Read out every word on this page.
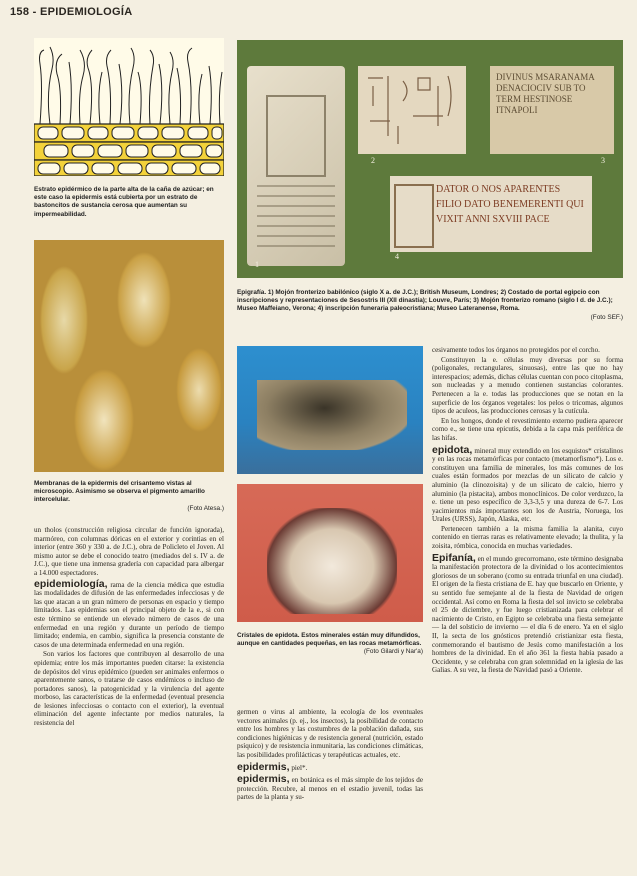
158 - EPIDEMIOLOGÍA
Estrato epidérmico de la parte alta de la caña de azúcar; en este caso la epidermis está cubierta por un estrato de bastoncitos de sustancia cerosa que aumentan su impermeabilidad.
Membranas de la epidermis del crisantemo vistas al microscopio. Asimismo se observa el pigmento amarillo intercelular.
(Foto Atesa.)
DIVINUS MSARANAMA DENACIOCIV SUB TO TERM HESTINOSE ITNAPOLI
DATOR O NOS APARENTES FILIO DATO BENEMERENTI QUI VIXIT ANNI SXVIII PACE
1
2	3
4
Epigrafía. 1) Mojón fronterizo babilónico (siglo X a. de J.C.); British Museum, Londres; 2) Costado de portal egipcio con inscripciones y representaciones de Sesostris III (XII dinastía); Louvre, París; 3) Mojón fronterizo romano (siglo I d. de J.C.); Museo Maffeiano, Verona; 4) inscripción funeraria paleocristiana; Museo Lateranense, Roma.
(Foto SEF.)
Cristales de epidota. Estos minerales están muy difundidos, aunque en cantidades pequeñas, en las rocas metamórficas.
(Foto Gilardi y Nar'a)

un tholos (construcción religiosa circular de función ignorada), marmóreo, con columnas dóricas en el exterior y corintias en el interior (entre 360 y 330 a. de J.C.), obra de Policleto el Joven. Al mismo autor se debe el conocido teatro (mediados del s. IV a. de J.C.), que tiene una inmensa gradería con capacidad para albergar a 14.000 espectadores.

epidemiología, rama de la ciencia médica que estudia las modalidades de difusión de las enfermedades infecciosas y de las que atacan a un gran número de personas en espacio y tiempo limitados. Las epidemias son el principal objeto de la e., si con este término se entiende un elevado número de casos de una enfermedad en una región y durante un período de tiempo limitado; endemia, en cambio, significa la presencia constante de casos de una determinada enfermedad en una región.

Son varios los factores que contribuyen al desarrollo de una epidemia; entre los más importantes pueden citarse: la existencia de depósitos del virus epidémico (pueden ser animales enfermos o aparentemente sanos, o tratarse de casos endémicos o incluso de portadores sanos), la patogenicidad y la virulencia del agente morboso, las características de la enfermedad (eventual presencia de lesiones infecciosas o contacto con el exterior), la eventual eliminación del agente infectante por medios naturales, la resistencia del

germen o virus al ambiente, la ecología de los eventuales vectores animales (p. ej., los insectos), la posibilidad de contacto entre los hombres y las costumbres de la población dañada, sus condiciones higiénicas y de resistencia general (nutrición, estado psíquico) y de resistencia inmunitaria, las condiciones climáticas, las posibilidades profilácticas y terapéuticas actuales, etc.

epidermis, piel*.

epidermis, en botánica es el más simple de los tejidos de protección. Recubre, al menos en el estadio juvenil, todas las partes de la planta y su-

cesivamente todos los órganos no protegidos por el corcho.

Constituyen la e. células muy diversas por su forma (poligonales, rectangulares, sinuosas), entre las que no hay interespacios; además, dichas células cuentan con poco citoplasma, son nucleadas y a menudo contienen sustancias colorantes. Pertenecen a la e. todas las producciones que se notan en la superficie de los órganos vegetales: los pelos o tricomas, algunos tipos de aculeos, las producciones cerosas y la cutícula.

En los hongos, donde el revestimiento externo pudiera aparecer como e., se tiene una epicutis, debida a la capa más periférica de las hifas.

epidota, mineral muy extendido en los esquistos* cristalinos y en las rocas metamórficas por contacto (metamorfismo*). Los e. constituyen una familia de minerales, los más comunes de los cuales están formados por mezclas de un silicato de calcio y aluminio (la clinozoisita) y de un silicato de calcio, hierro y aluminio (la pistacita), ambos monoclínicos. De color verduzco, la e. tiene un peso específico de 3,3-3,5 y una dureza de 6-7. Los yacimientos más importantes son los de Austria, Noruega, los Urales (URSS), Japón, Alaska, etc.

Pertenecen también a la misma familia la alanita, cuyo contenido en tierras raras es relativamente elevado; la thulita, y la zoisita, rómbica, conocida en muchas variedades.

Epifanía, en el mundo grecorromano, este término designaba la manifestación protectora de la divinidad o los acontecimientos gloriosos de un soberano (como su entrada triunfal en una ciudad). El origen de la fiesta cristiana de E. hay que buscarlo en Oriente, y su sentido fue semejante al de la fiesta de Navidad de origen occidental. Así como en Roma la fiesta del sol invicto se celebraba el 25 de diciembre, y fue luego cristianizada para celebrar el nacimiento de Cristo, en Egipto se celebraba una fiesta semejante — la del solsticio de invierno — el día 6 de enero. Ya en el siglo II, la secta de los gnósticos pretendió cristianizar esta fiesta, conmemorando el bautismo de Jesús como manifestación a los hombres de la divinidad. En el año 361 la fiesta había pasado a Occidente, y se celebraba con gran solemnidad en la iglesia de las Galias. A su vez, la fiesta de Navidad pasó a Oriente.
